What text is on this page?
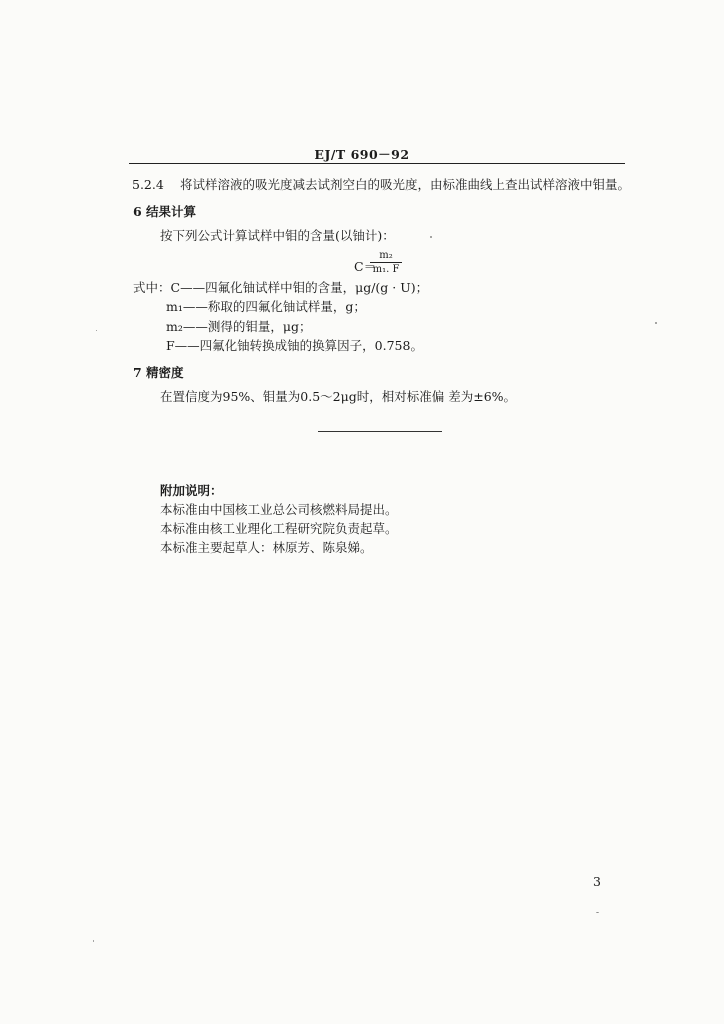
EJ/T 690－92
5.2.4 将试样溶液的吸光度减去试剂空白的吸光度，由标准曲线上查出试样溶液中钼量。
6 结果计算
按下列公式计算试样中钼的含量(以铀计)：
C＝
m₂
m₁. F
式中：C——四氟化铀试样中钼的含量，μg/(g · U)；
m₁——称取的四氟化铀试样量，g；
m₂——测得的钼量，μg；
F——四氟化铀转换成铀的换算因子，0.758。
7 精密度
在置信度为95%、钼量为0.5～2μg时，相对标准偏 差为±6%。
附加说明：
本标准由中国核工业总公司核燃料局提出。
本标准由核工业理化工程研究院负责起草。
本标准主要起草人：林原芳、陈泉娣。
3
